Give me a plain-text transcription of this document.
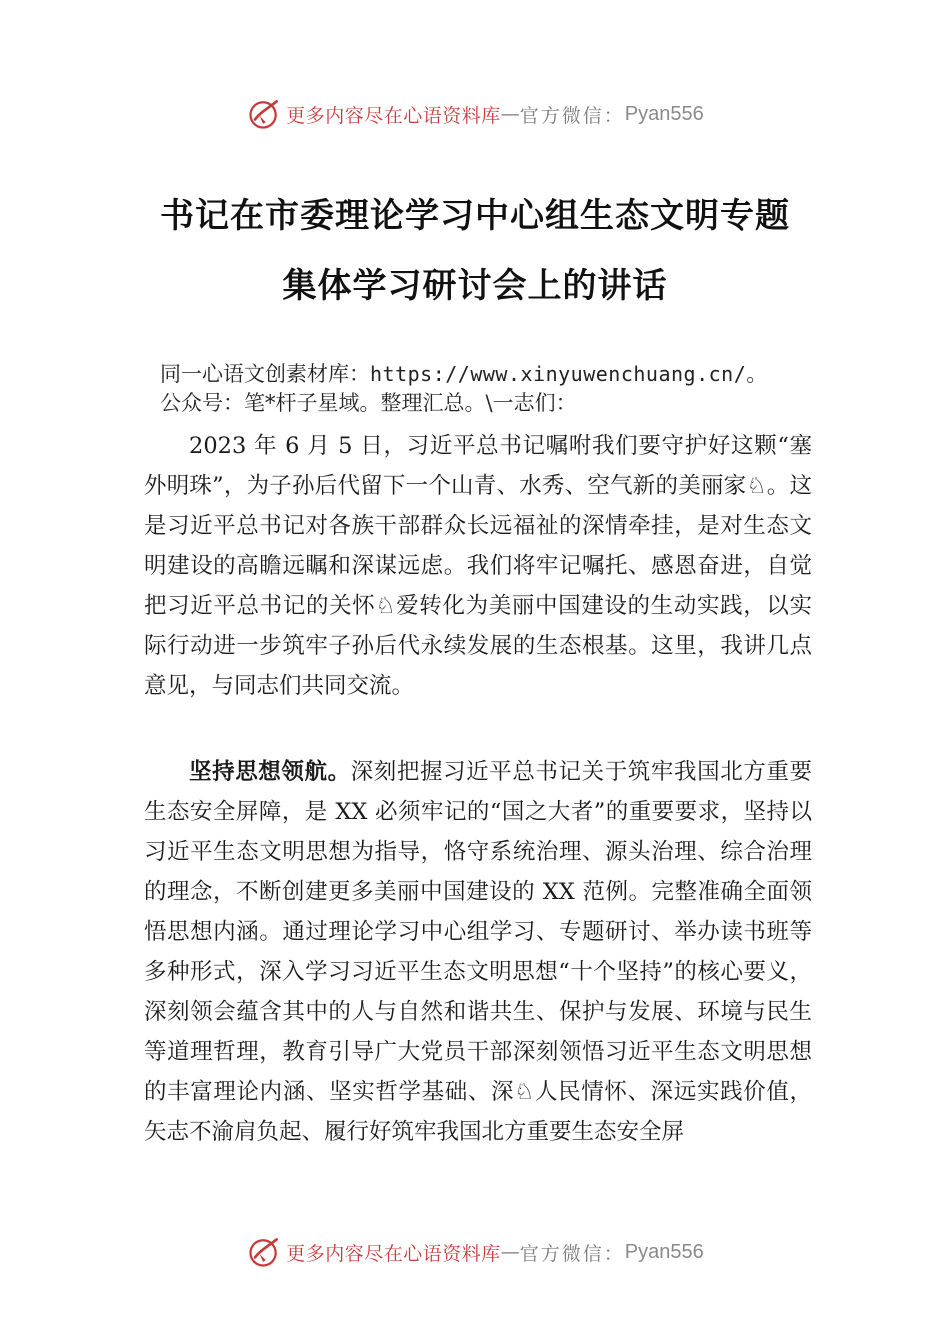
更多内容尽在心语资料库 — 官方微信： Pyan556
书记在市委理论学习中心组生态文明专题
集体学习研讨会上的讲话
同一心语文创素材库：https://www.xinyuwenchuang.cn/。
公众号：笔*杆子星域。整理汇总。\一志们：

2023 年 6 月 5 日，习近平总书记嘱咐我们要守护好这颗“塞外明珠”，为子孙后代留下一个山青、水秀、空气新的美丽家♘。这是习近平总书记对各族干部群众长远福祉的深情牵挂，是对生态文明建设的高瞻远瞩和深谋远虑。我们将牢记嘱托、感恩奋进，自觉把习近平总书记的关怀♘爱转化为美丽中国建设的生动实践，以实际行动进一步筑牢子孙后代永续发展的生态根基。这里，我讲几点意见，与同志们共同交流。

坚持思想领航。深刻把握习近平总书记关于筑牢我国北方重要生态安全屏障，是 XX 必须牢记的“国之大者”的重要要求，坚持以习近平生态文明思想为指导，恪守系统治理、源头治理、综合治理的理念，不断创建更多美丽中国建设的 XX 范例。完整准确全面领悟思想内涵。通过理论学习中心组学习、专题研讨、举办读书班等多种形式，深入学习习近平生态文明思想“十个坚持”的核心要义，深刻领会蕴含其中的人与自然和谐共生、保护与发展、环境与民生等道理哲理，教育引导广大党员干部深刻领悟习近平生态文明思想的丰富理论内涵、坚实哲学基础、深♘人民情怀、深远实践价值，矢志不渝肩负起、履行好筑牢我国北方重要生态安全屏

更多内容尽在心语资料库 — 官方微信： Pyan556
